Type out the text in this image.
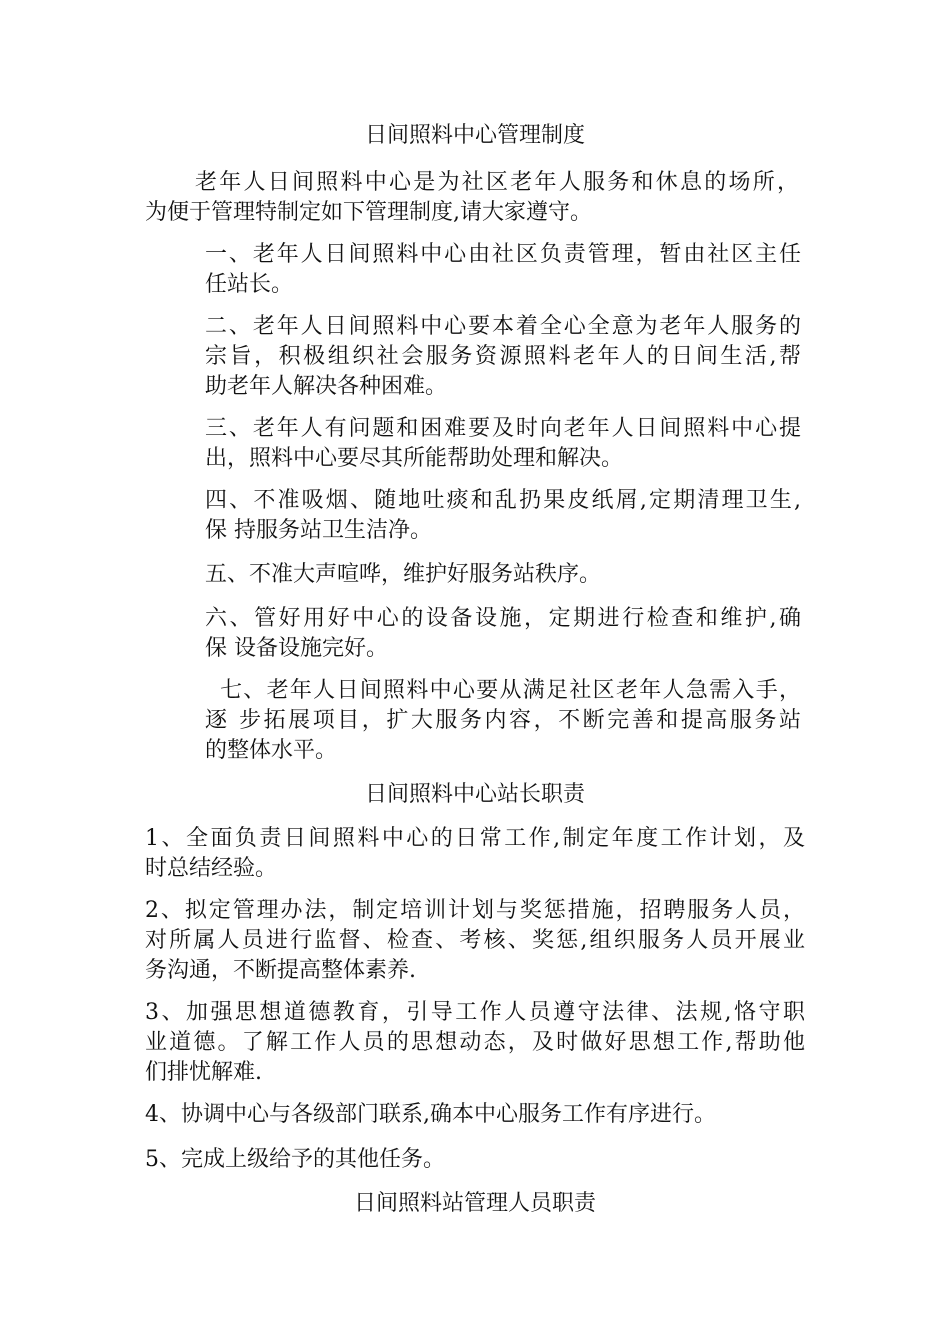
日间照料中心管理制度
老年人日间照料中心是为社区老年人服务和休息的场所，
为便于管理特制定如下管理制度,请大家遵守。
一、老年人日间照料中心由社区负责管理，暂由社区主任
任站长。
二、老年人日间照料中心要本着全心全意为老年人服务的
宗旨，积极组织社会服务资源照料老年人的日间生活,帮
助老年人解决各种困难。
三、老年人有问题和困难要及时向老年人日间照料中心提
出，照料中心要尽其所能帮助处理和解决。
四、不准吸烟、随地吐痰和乱扔果皮纸屑,定期清理卫生,
保 持服务站卫生洁净。
五、不准大声喧哗，维护好服务站秩序。
六、管好用好中心的设备设施，定期进行检查和维护,确
保 设备设施完好。
七、老年人日间照料中心要从满足社区老年人急需入手，
逐 步拓展项目，扩大服务内容，不断完善和提高服务站
的整体水平。
日间照料中心站长职责
1、全面负责日间照料中心的日常工作,制定年度工作计划，及
时总结经验。
2、拟定管理办法，制定培训计划与奖惩措施，招聘服务人员，
对所属人员进行监督、检查、考核、奖惩,组织服务人员开展业
务沟通，不断提高整体素养.
3、加强思想道德教育，引导工作人员遵守法律、法规,恪守职
业道德。了解工作人员的思想动态，及时做好思想工作,帮助他
们排忧解难.
4、协调中心与各级部门联系,确本中心服务工作有序进行。
5、完成上级给予的其他任务。
日间照料站管理人员职责
